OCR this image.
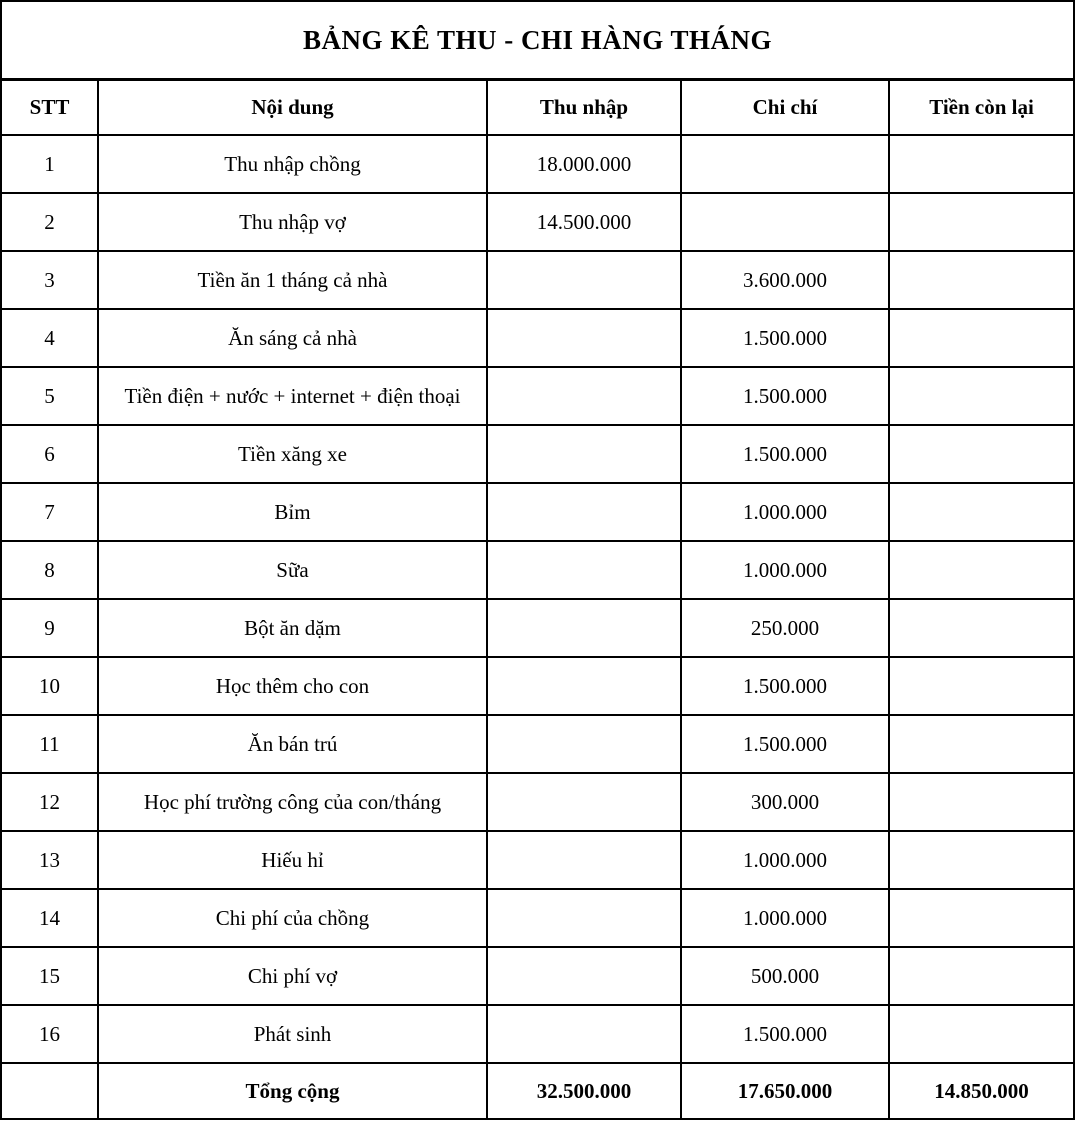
BẢNG KÊ THU - CHI HÀNG THÁNG				
STT	Nội dung	Thu nhập	Chi chí	Tiền còn lại
1	Thu nhập chồng	18.000.000		
2	Thu nhập vợ	14.500.000		
3	Tiền ăn 1 tháng cả nhà		3.600.000	
4	Ăn sáng cả nhà		1.500.000	
5	Tiền điện + nước + internet + điện thoại		1.500.000	
6	Tiền xăng xe		1.500.000	
7	Bỉm		1.000.000	
8	Sữa		1.000.000	
9	Bột ăn dặm		250.000	
10	Học thêm cho con		1.500.000	
11	Ăn bán trú		1.500.000	
12	Học phí trường công của con/tháng		300.000	
13	Hiếu hỉ		1.000.000	
14	Chi phí của chồng		1.000.000	
15	Chi phí vợ		500.000	
16	Phát sinh		1.500.000	
	Tổng cộng	32.500.000	17.650.000	14.850.000
